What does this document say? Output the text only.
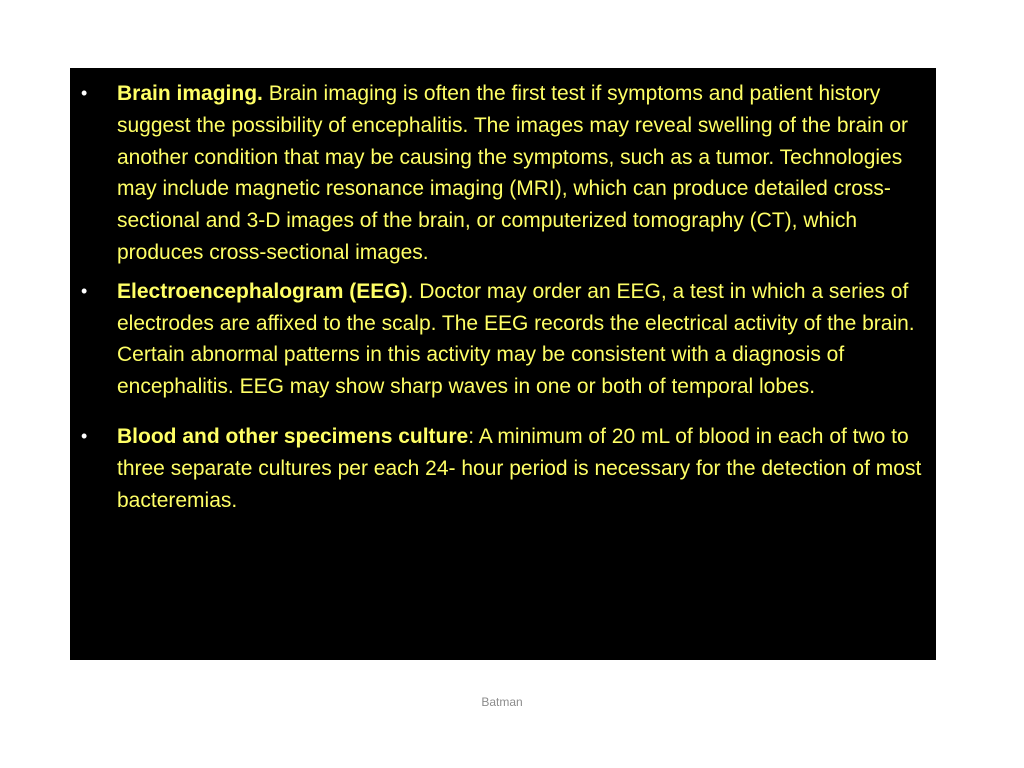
• Brain imaging. Brain imaging is often the first test if symptoms and patient history suggest the possibility of encephalitis. The images may reveal swelling of the brain or another condition that may be causing the symptoms, such as a tumor. Technologies may include magnetic resonance imaging (MRI), which can produce detailed cross-sectional and 3-D images of the brain, or computerized tomography (CT), which produces cross-sectional images.
• Electroencephalogram (EEG). Doctor may order an EEG, a test in which a series of electrodes are affixed to the scalp. The EEG records the electrical activity of the brain. Certain abnormal patterns in this activity may be consistent with a diagnosis of encephalitis. EEG may show sharp waves in one or both of temporal lobes.
• Blood and other specimens culture: A minimum of 20 mL of blood in each of two to three separate cultures per each 24- hour period is necessary for the detection of most bacteremias.
Batman
